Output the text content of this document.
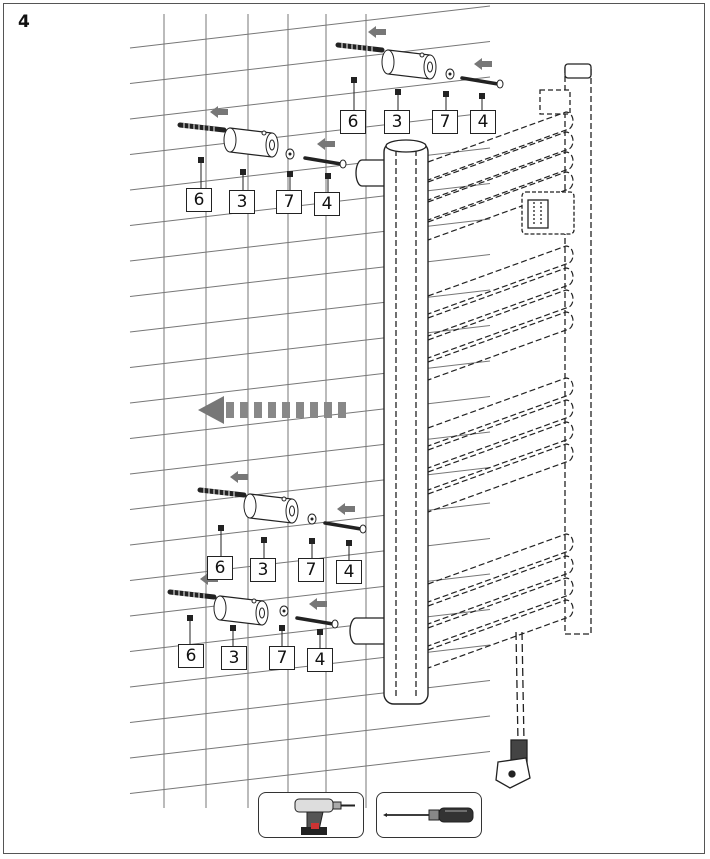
4
6	3	7	4
6	3	7	4
6	3	7	4
6	3	7	4
